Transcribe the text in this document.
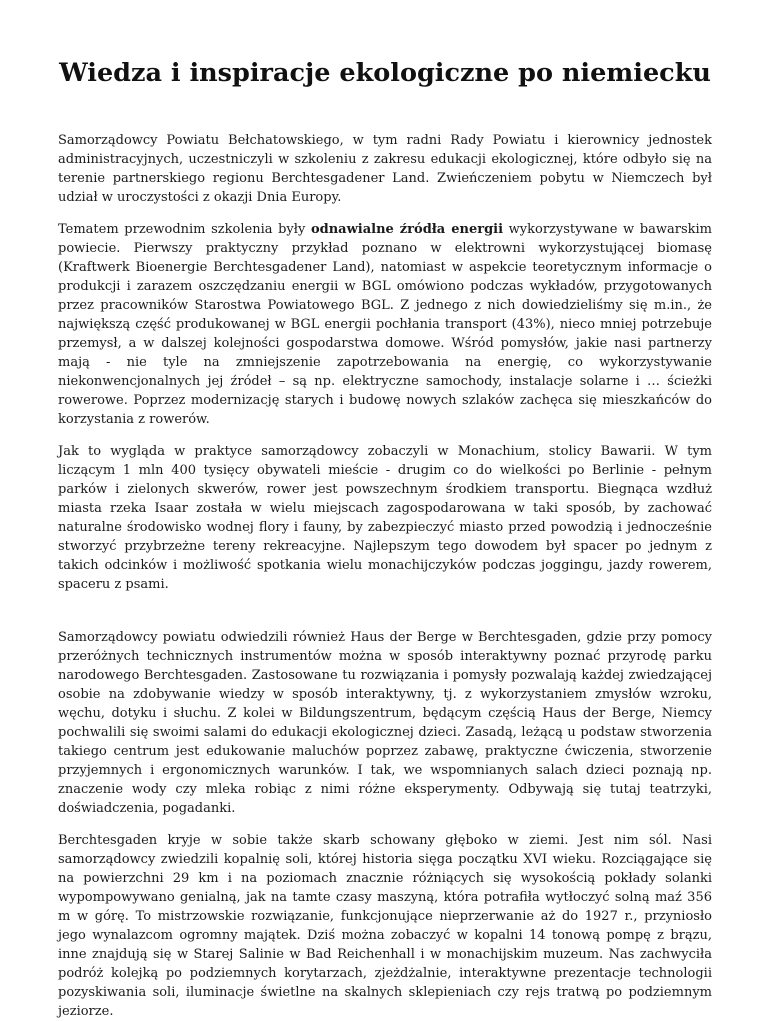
Wiedza i inspiracje ekologiczne po niemiecku

Samorządowcy Powiatu Bełchatowskiego, w tym radni Rady Powiatu i kierownicy jednostek administracyjnych, uczestniczyli w szkoleniu z zakresu edukacji ekologicznej, które odbyło się na terenie partnerskiego regionu Berchtesgadener Land. Zwieńczeniem pobytu w Niemczech był udział w uroczystości z okazji Dnia Europy.

Tematem przewodnim szkolenia były odnawialne źródła energii wykorzystywane w bawarskim powiecie. Pierwszy praktyczny przykład poznano w elektrowni wykorzystującej biomasę (Kraftwerk Bioenergie Berchtesgadener Land), natomiast w aspekcie teoretycznym informacje o produkcji i zarazem oszczędzaniu energii w BGL omówiono podczas wykładów, przygotowanych przez pracowników Starostwa Powiatowego BGL. Z jednego z nich dowiedzieliśmy się m.in., że największą część produkowanej w BGL energii pochłania transport (43%), nieco mniej potrzebuje przemysł, a w dalszej kolejności gospodarstwa domowe. Wśród pomysłów, jakie nasi partnerzy mają - nie tyle na zmniejszenie zapotrzebowania na energię, co wykorzystywanie niekonwencjonalnych jej źródeł – są np. elektryczne samochody, instalacje solarne i … ścieżki rowerowe. Poprzez modernizację starych i budowę nowych szlaków zachęca się mieszkańców do korzystania z rowerów.

Jak to wygląda w praktyce samorządowcy zobaczyli w Monachium, stolicy Bawarii. W tym liczącym 1 mln 400 tysięcy obywateli mieście - drugim co do wielkości po Berlinie - pełnym parków i zielonych skwerów, rower jest powszechnym środkiem transportu. Biegnąca wzdłuż miasta rzeka Isaar została w wielu miejscach zagospodarowana w taki sposób, by zachować naturalne środowisko wodnej flory i fauny, by zabezpieczyć miasto przed powodzią i jednocześnie stworzyć przybrzeżne tereny rekreacyjne. Najlepszym tego dowodem był spacer po jednym z takich odcinków i możliwość spotkania wielu monachijczyków podczas joggingu, jazdy rowerem, spaceru z psami.

Samorządowcy powiatu odwiedzili również Haus der Berge w Berchtesgaden, gdzie przy pomocy przeróżnych technicznych instrumentów można w sposób interaktywny poznać przyrodę parku narodowego Berchtesgaden. Zastosowane tu rozwiązania i pomysły pozwalają każdej zwiedzającej osobie na zdobywanie wiedzy w sposób interaktywny, tj. z wykorzystaniem zmysłów wzroku, węchu, dotyku i słuchu. Z kolei w Bildungszentrum, będącym częścią Haus der Berge, Niemcy pochwalili się swoimi salami do edukacji ekologicznej dzieci. Zasadą, leżącą u podstaw stworzenia takiego centrum jest edukowanie maluchów poprzez zabawę, praktyczne ćwiczenia, stworzenie przyjemnych i ergonomicznych warunków. I tak, we wspomnianych salach dzieci poznają np. znaczenie wody czy mleka robiąc z nimi różne eksperymenty. Odbywają się tutaj teatrzyki, doświadczenia, pogadanki.

Berchtesgaden kryje w sobie także skarb schowany głęboko w ziemi. Jest nim sól. Nasi samorządowcy zwiedzili kopalnię soli, której historia sięga początku XVI wieku. Rozciągające się na powierzchni 29 km i na poziomach znacznie różniących się wysokością pokłady solanki wypompowywano genialną, jak na tamte czasy maszyną, która potrafiła wytłoczyć solną maź 356 m w górę. To mistrzowskie rozwiązanie, funkcjonujące nieprzerwanie aż do 1927 r., przyniosło jego wynalazcom ogromny majątek. Dziś można zobaczyć w kopalni 14 tonową pompę z brązu, inne znajdują się w Starej Salinie w Bad Reichenhall i w monachijskim muzeum. Nas zachwyciła podróż kolejką po podziemnych korytarzach, zjeżdżalnie, interaktywne prezentacje technologii pozyskiwania soli, iluminacje świetlne na skalnych sklepieniach czy rejs tratwą po podziemnym jeziorze.
